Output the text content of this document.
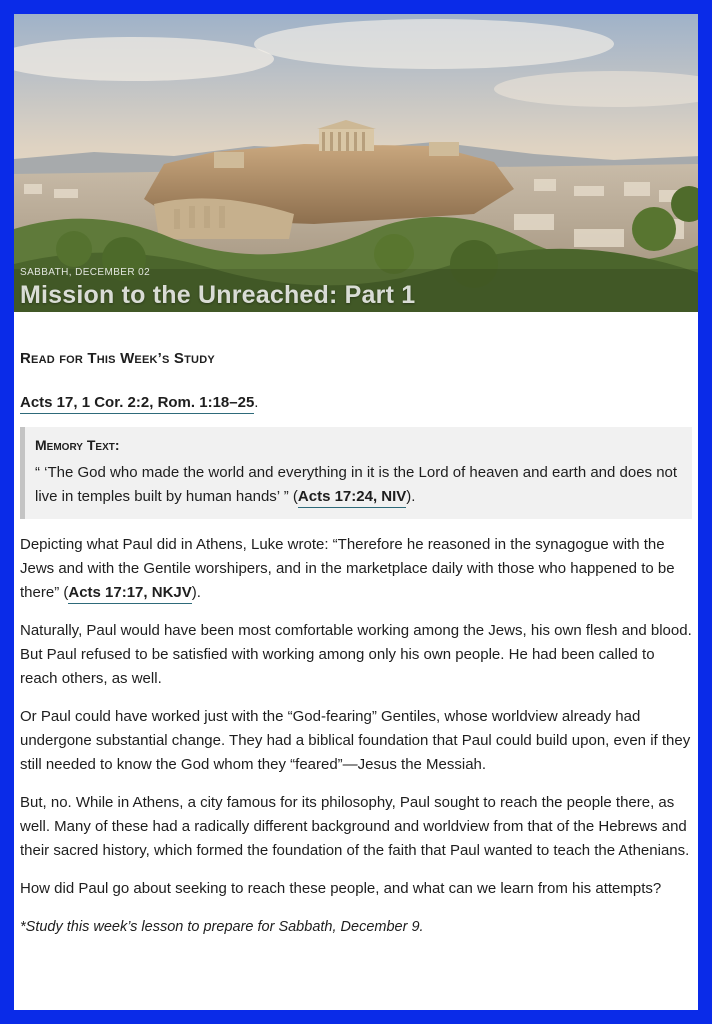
SABBATH, DECEMBER 02
Mission to the Unreached: Part 1
Read for This Week’s Study
Acts 17, 1 Cor. 2:2, Rom. 1:18–25.
Memory Text:

“ ‘The God who made the world and everything in it is the Lord of heaven and earth and does not live in temples built by human hands’ ” (Acts 17:24, NIV).

Depicting what Paul did in Athens, Luke wrote: “Therefore he reasoned in the synagogue with the Jews and with the Gentile worshipers, and in the marketplace daily with those who happened to be there” (Acts 17:17, NKJV).

Naturally, Paul would have been most comfortable working among the Jews, his own flesh and blood. But Paul refused to be satisfied with working among only his own people. He had been called to reach others, as well.

Or Paul could have worked just with the “God-fearing” Gentiles, whose worldview already had undergone substantial change. They had a biblical foundation that Paul could build upon, even if they still needed to know the God whom they “feared”—Jesus the Messiah.

But, no. While in Athens, a city famous for its philosophy, Paul sought to reach the people there, as well. Many of these had a radically different background and worldview from that of the Hebrews and their sacred history, which formed the foundation of the faith that Paul wanted to teach the Athenians.

How did Paul go about seeking to reach these people, and what can we learn from his attempts?

*Study this week’s lesson to prepare for Sabbath, December 9.
